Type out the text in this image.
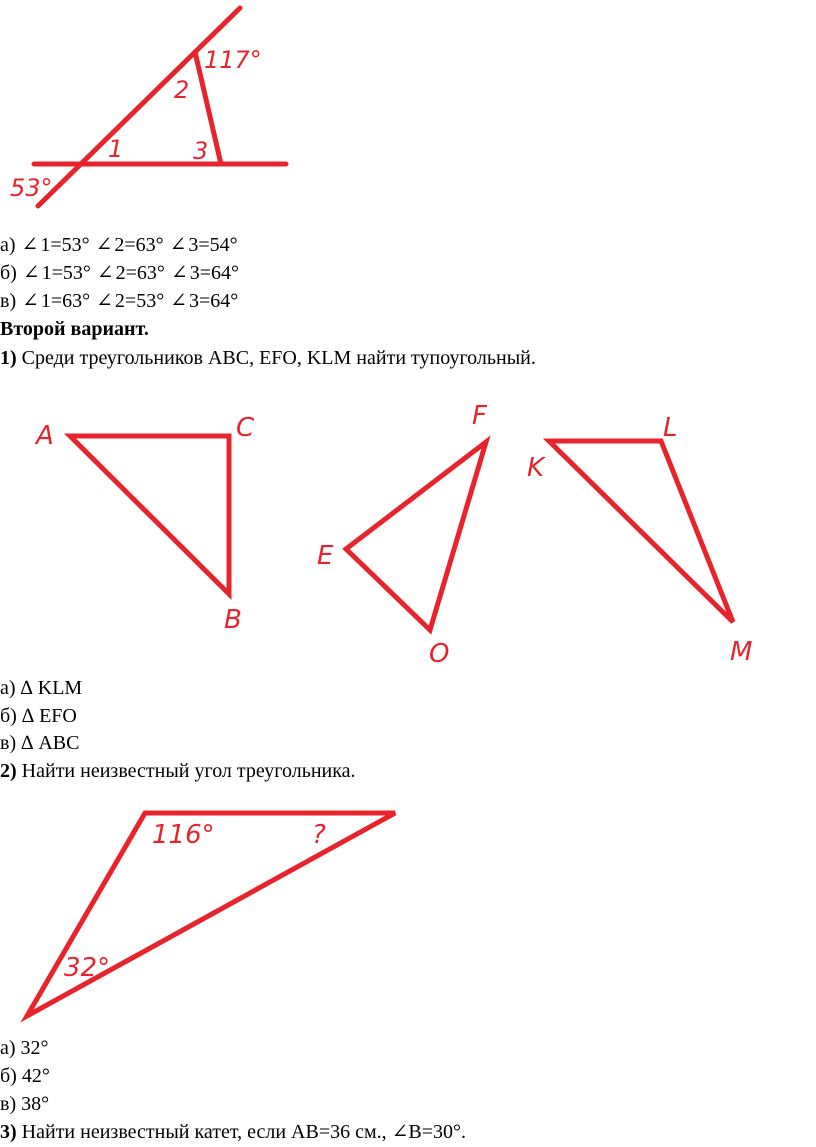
117°
53°
1
2
3
а) ∠ 1=53° ∠ 2=63° ∠ 3=54°
б) ∠ 1=53° ∠ 2=63° ∠ 3=64°
в) ∠ 1=63° ∠ 2=53° ∠ 3=64°
Второй вариант.
1) Среди треугольников АВС, EFO, KLM найти тупоугольный.
A	C
B
F
E
O
L
K
M
а) ∆ KLM
б) ∆ EFO
в) ∆ ABC
2) Найти неизвестный угол треугольника.
116°	?
32°
а) 32°
б) 42°
в) 38°
3) Найти неизвестный катет, если АВ=36 см., ∠В=30°.
